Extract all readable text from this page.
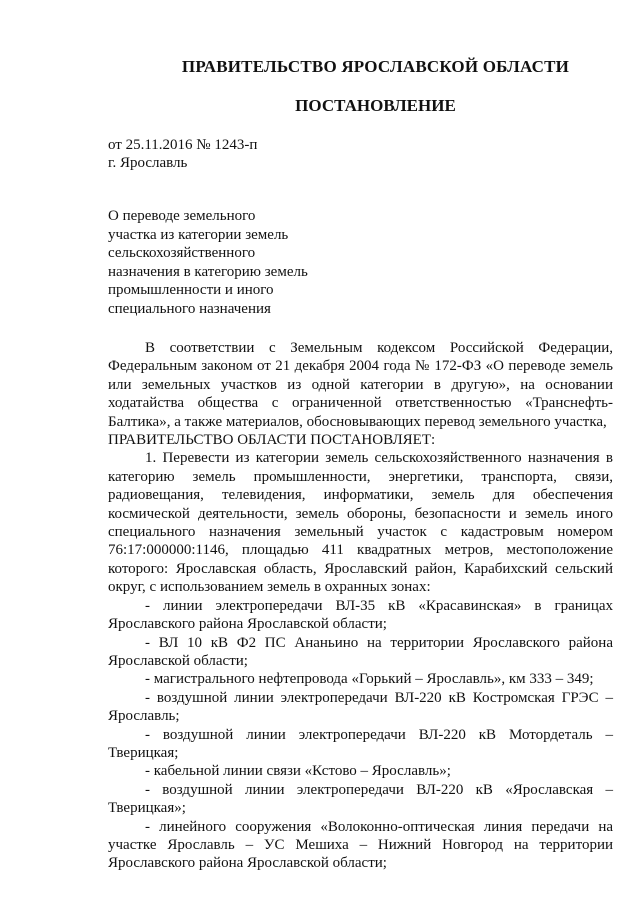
ПРАВИТЕЛЬСТВО ЯРОСЛАВСКОЙ ОБЛАСТИ
ПОСТАНОВЛЕНИЕ
от 25.11.2016 № 1243-п
г. Ярославль
О переводе земельного
участка из категории земель
сельскохозяйственного
назначения в категорию земель
промышленности и иного
специального назначения

В соответствии с Земельным кодексом Российской Федерации, Федеральным законом от 21 декабря 2004 года № 172-ФЗ «О переводе земель или земельных участков из одной категории в другую», на основании ходатайства общества с ограниченной ответственностью «Транснефть-Балтика», а также материалов, обосновывающих перевод земельного участка,

ПРАВИТЕЛЬСТВО ОБЛАСТИ ПОСТАНОВЛЯЕТ:

1. Перевести из категории земель сельскохозяйственного назначения в категорию земель промышленности, энергетики, транспорта, связи, радиовещания, телевидения, информатики, земель для обеспечения космической деятельности, земель обороны, безопасности и земель иного специального назначения земельный участок с кадастровым номером 76:17:000000:1146, площадью 411 квадратных метров, местоположение которого: Ярославская область, Ярославский район, Карабихский сельский округ, с использованием земель в охранных зонах:

- линии электропередачи ВЛ-35 кВ «Красавинская» в границах Ярославского района Ярославской области;

- ВЛ 10 кВ Ф2 ПС Ананьино на территории Ярославского района Ярославской области;

- магистрального нефтепровода «Горький – Ярославль», км 333 – 349;

- воздушной линии электропередачи ВЛ-220 кВ Костромская ГРЭС – Ярославль;

- воздушной линии электропередачи ВЛ-220 кВ Мотордеталь – Тверицкая;

- кабельной линии связи «Кстово – Ярославль»;

- воздушной линии электропередачи ВЛ-220 кВ «Ярославская – Тверицкая»;

- линейного сооружения «Волоконно-оптическая линия передачи на участке Ярославль – УС Мешиха – Нижний Новгород на территории Ярославского района Ярославской области;
